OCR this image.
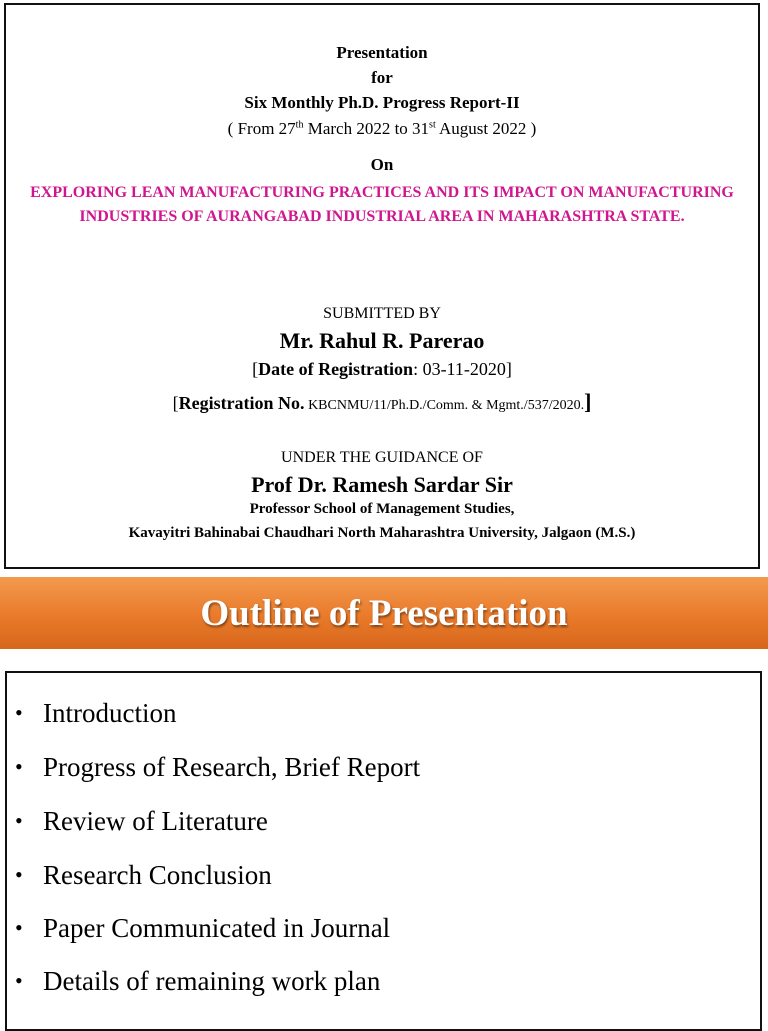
Presentation
for
Six Monthly Ph.D. Progress Report-II
( From 27th March 2022 to 31st August 2022 )
On
EXPLORING LEAN MANUFACTURING PRACTICES AND ITS IMPACT ON MANUFACTURING INDUSTRIES OF AURANGABAD INDUSTRIAL AREA IN MAHARASHTRA STATE.
SUBMITTED BY
Mr. Rahul R. Parerao
[Date of Registration: 03-11-2020]
[Registration No. KBCNMU/11/Ph.D./Comm. & Mgmt./537/2020.]
UNDER THE GUIDANCE OF
Prof Dr. Ramesh Sardar Sir
Professor School of Management Studies,
Kavayitri Bahinabai Chaudhari North Maharashtra University, Jalgaon (M.S.)
Outline of Presentation
• Introduction
• Progress of Research, Brief Report
• Review of Literature
• Research Conclusion
• Paper Communicated in Journal
• Details of remaining work plan
